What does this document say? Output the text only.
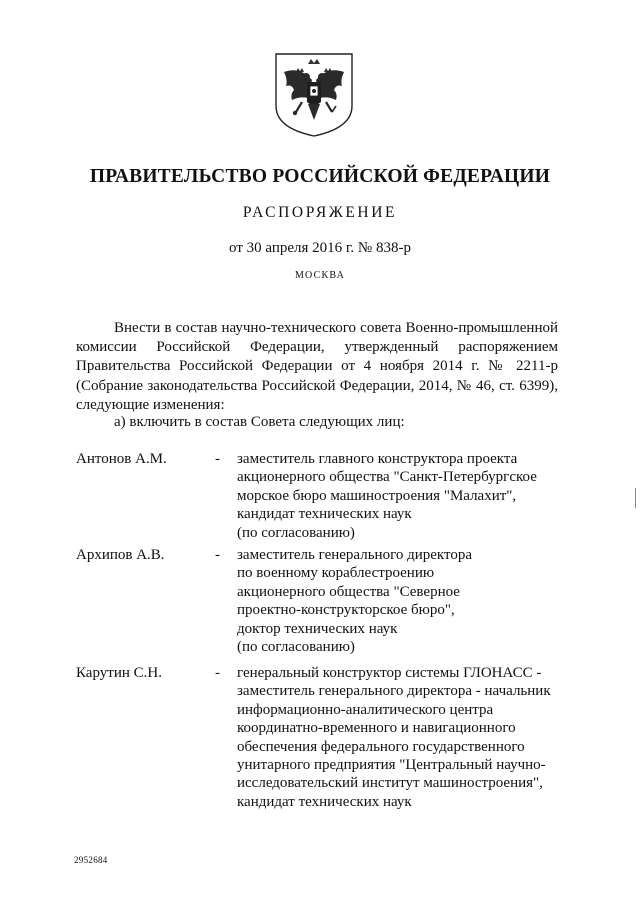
ПРАВИТЕЛЬСТВО РОССИЙСКОЙ ФЕДЕРАЦИИ
РАСПОРЯЖЕНИЕ
от 30 апреля 2016 г. № 838-р
МОСКВА

Внести в состав научно-технического совета Военно-промышленной комиссии Российской Федерации, утвержденный распоряжением Правительства Российской Федерации от 4 ноября 2014 г. № 2211-р (Собрание законодательства Российской Федерации, 2014, № 46, ст. 6399), следующие изменения:

а) включить в состав Совета следующих лиц:
Антонов А.М.	- заместитель главного конструктора проекта
акционерного общества "Санкт-Петербургское
морское бюро машиностроения "Малахит",
кандидат технических наук
(по согласованию)
Архипов А.В.	- заместитель генерального директора
по военному кораблестроению
акционерного общества "Северное
проектно-конструкторское бюро",
доктор технических наук
(по согласованию)
Карутин С.Н.	- генеральный конструктор системы ГЛОНАСС -
заместитель генерального директора - начальник
информационно-аналитического центра
координатно-временного и навигационного
обеспечения федерального государственного
унитарного предприятия "Центральный научно-
исследовательский институт машиностроения",
кандидат технических наук
2952684
